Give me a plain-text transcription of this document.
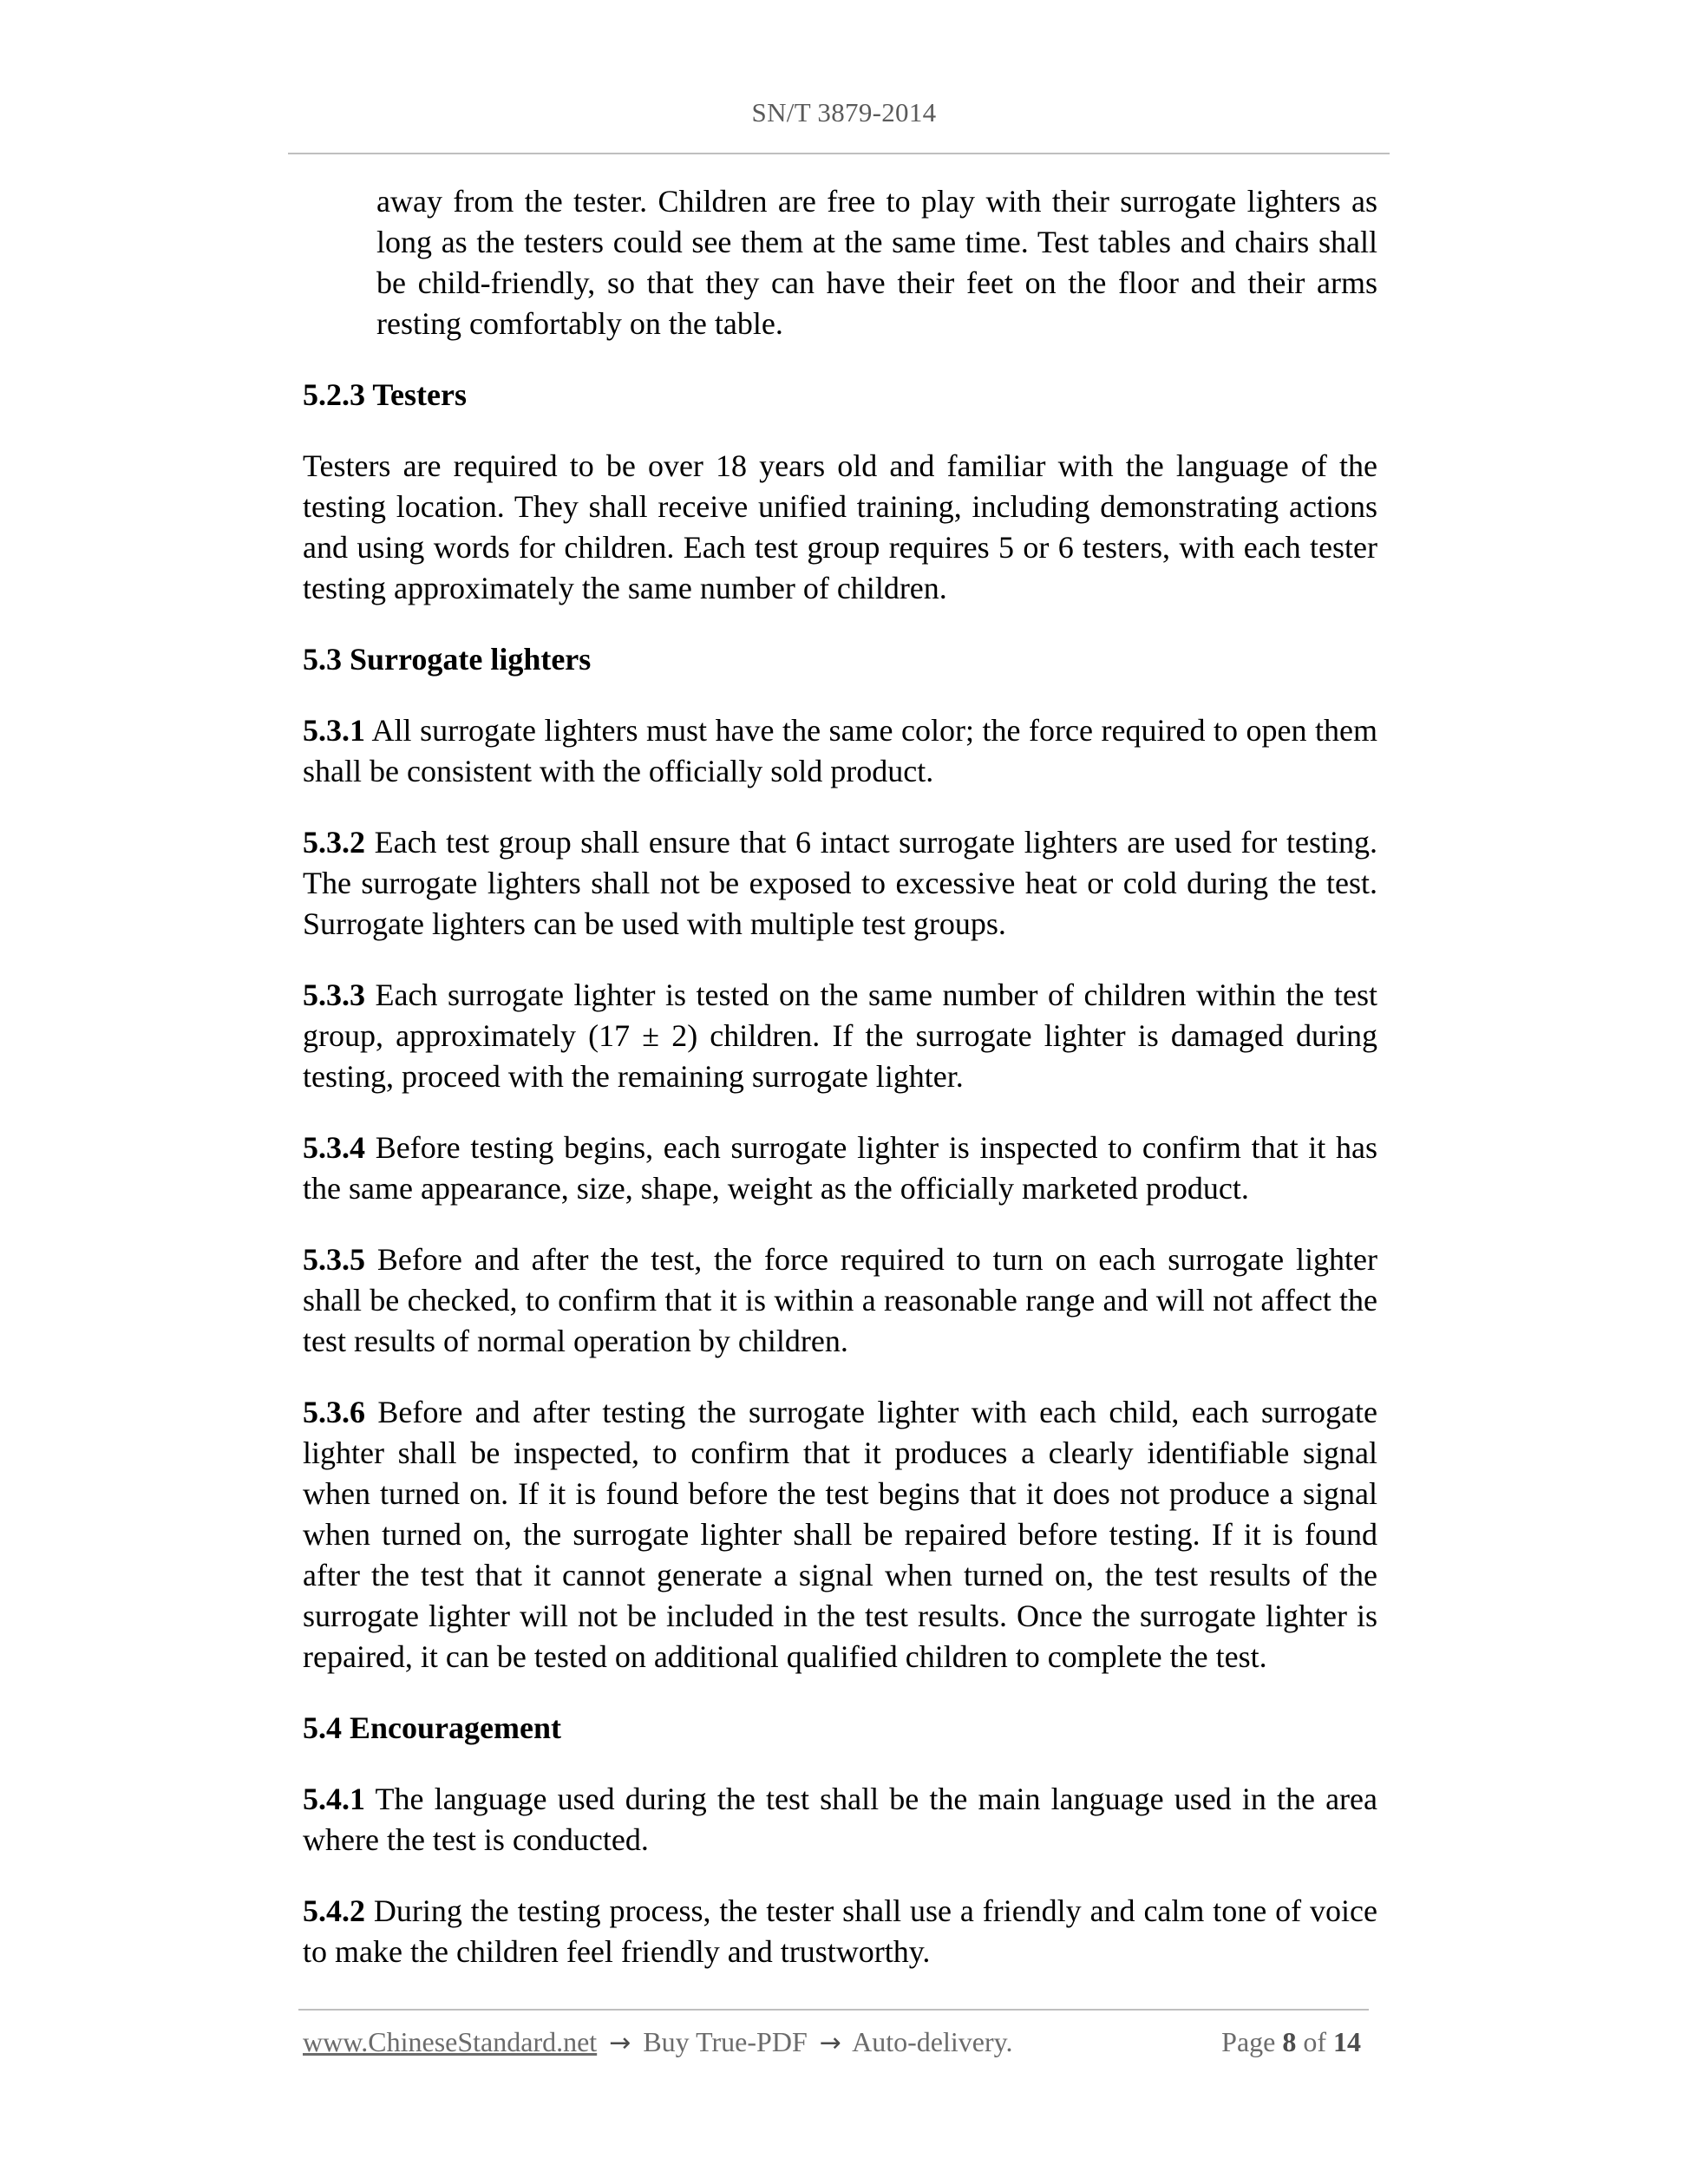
SN/T 3879-2014

away from the tester. Children are free to play with their surrogate lighters as long as the testers could see them at the same time. Test tables and chairs shall be child-friendly, so that they can have their feet on the floor and their arms resting comfortably on the table.

5.2.3 Testers

Testers are required to be over 18 years old and familiar with the language of the testing location. They shall receive unified training, including demonstrating actions and using words for children. Each test group requires 5 or 6 testers, with each tester testing approximately the same number of children.

5.3 Surrogate lighters

5.3.1 All surrogate lighters must have the same color; the force required to open them shall be consistent with the officially sold product.

5.3.2 Each test group shall ensure that 6 intact surrogate lighters are used for testing. The surrogate lighters shall not be exposed to excessive heat or cold during the test. Surrogate lighters can be used with multiple test groups.

5.3.3 Each surrogate lighter is tested on the same number of children within the test group, approximately (17 ± 2) children. If the surrogate lighter is damaged during testing, proceed with the remaining surrogate lighter.

5.3.4 Before testing begins, each surrogate lighter is inspected to confirm that it has the same appearance, size, shape, weight as the officially marketed product.

5.3.5 Before and after the test, the force required to turn on each surrogate lighter shall be checked, to confirm that it is within a reasonable range and will not affect the test results of normal operation by children.

5.3.6 Before and after testing the surrogate lighter with each child, each surrogate lighter shall be inspected, to confirm that it produces a clearly identifiable signal when turned on. If it is found before the test begins that it does not produce a signal when turned on, the surrogate lighter shall be repaired before testing. If it is found after the test that it cannot generate a signal when turned on, the test results of the surrogate lighter will not be included in the test results. Once the surrogate lighter is repaired, it can be tested on additional qualified children to complete the test.

5.4 Encouragement

5.4.1 The language used during the test shall be the main language used in the area where the test is conducted.

5.4.2 During the testing process, the tester shall use a friendly and calm tone of voice to make the children feel friendly and trustworthy.

www.ChineseStandard.net → Buy True-PDF → Auto-delivery.	Page 8 of 14
